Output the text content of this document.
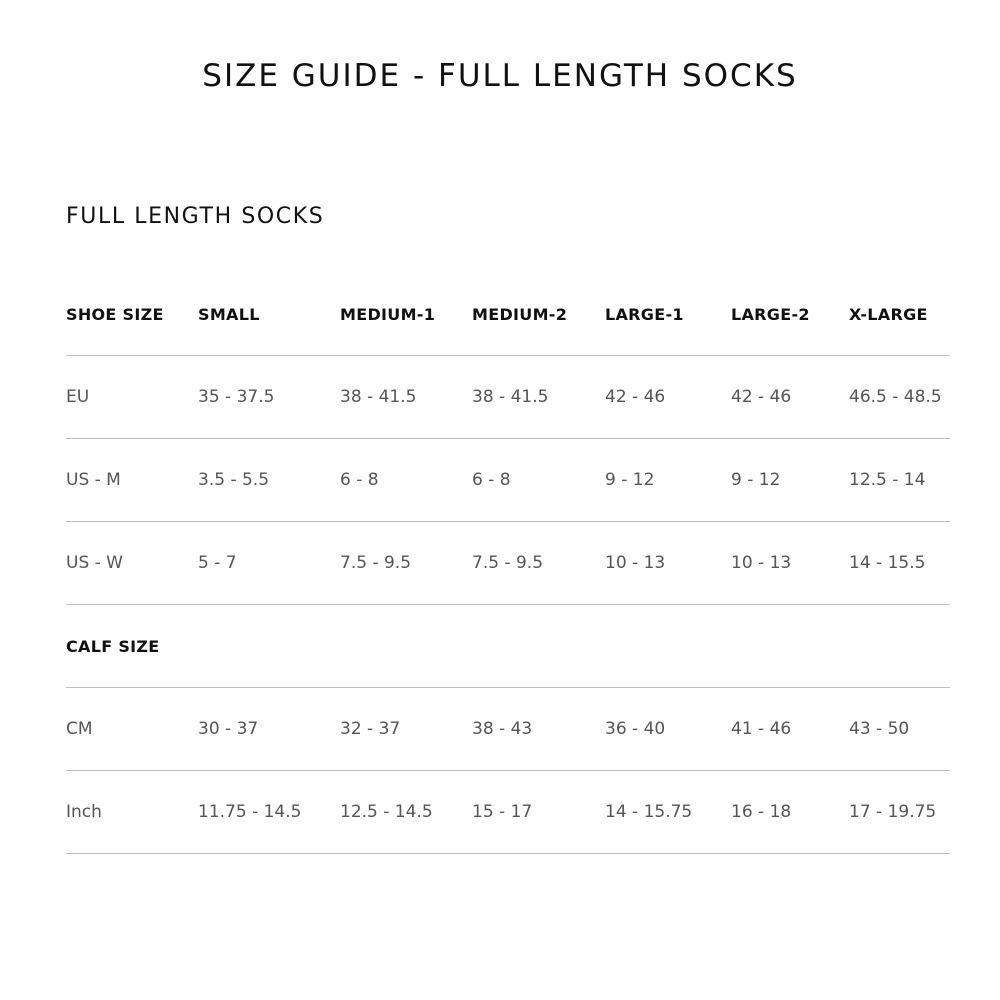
SIZE GUIDE - FULL LENGTH SOCKS
FULL LENGTH SOCKS
SHOE SIZE	SMALL	MEDIUM-1	MEDIUM-2	LARGE-1	LARGE-2	X-LARGE
EU	35 - 37.5	38 - 41.5	38 - 41.5	42 - 46	42 - 46	46.5 - 48.5
US - M	3.5 - 5.5	6 - 8	6 - 8	9 - 12	9 - 12	12.5 - 14
US - W	5 - 7	7.5 - 9.5	7.5 - 9.5	10 - 13	10 - 13	14 - 15.5
CALF SIZE						
CM	30 - 37	32 - 37	38 - 43	36 - 40	41 - 46	43 - 50
Inch	11.75 - 14.5	12.5 - 14.5	15 - 17	14 - 15.75	16 - 18	17 - 19.75
